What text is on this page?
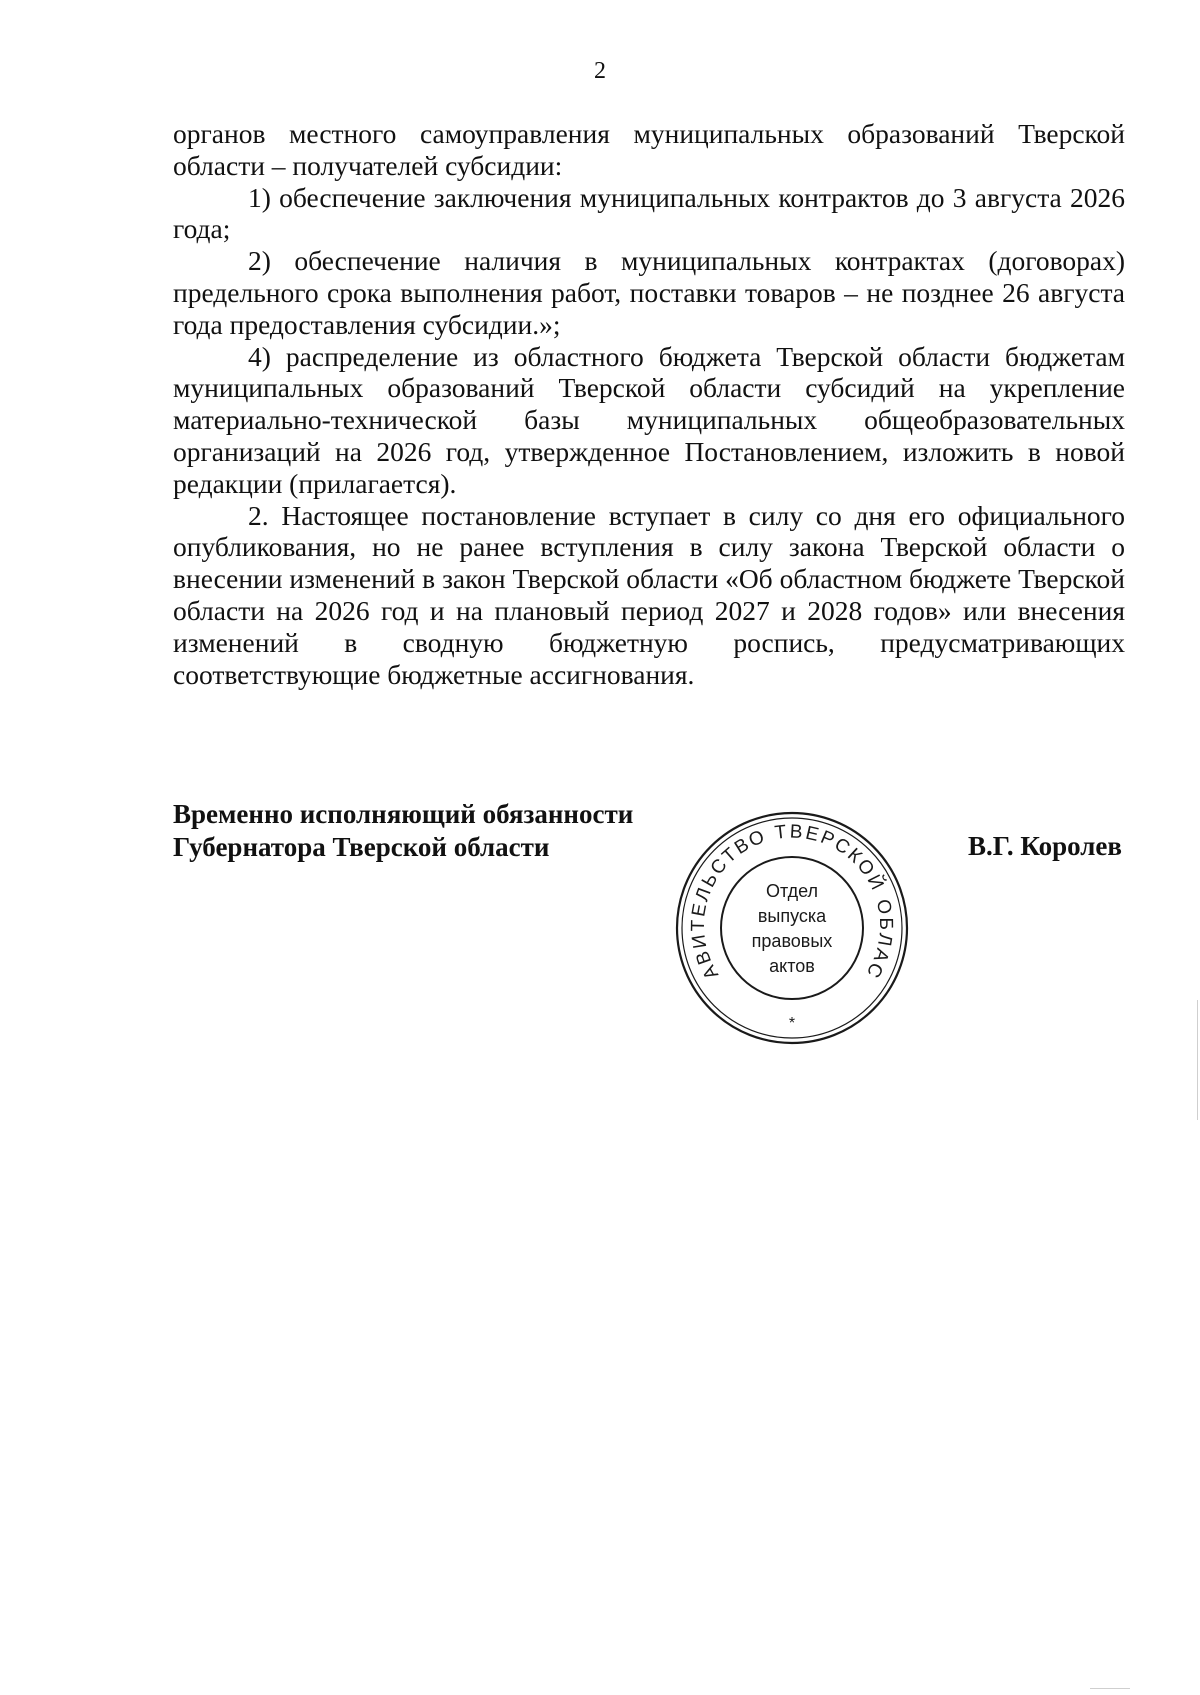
2

органов местного самоуправления муниципальных образований Тверской области – получателей субсидии:

1) обеспечение заключения муниципальных контрактов до 3 августа 2026 года;

2) обеспечение наличия в муниципальных контрактах (договорах) предельного срока выполнения работ, поставки товаров – не позднее 26 августа года предоставления субсидии.»;

4) распределение из областного бюджета Тверской области бюджетам муниципальных образований Тверской области субсидий на укрепление материально-технической базы муниципальных общеобразовательных организаций на 2026 год, утвержденное Постановлением, изложить в новой редакции (прилагается).

2. Настоящее постановление вступает в силу со дня его официального опубликования, но не ранее вступления в силу закона Тверской области о внесении изменений в закон Тверской области «Об областном бюджете Тверской области на 2026 год и на плановый период 2027 и 2028 годов» или внесения изменений в сводную бюджетную роспись, предусматривающих соответствующие бюджетные ассигнования.

Временно исполняющий обязанности
Губернатора Тверской области
АВИТЕЛЬСТВО ТВЕРСКОЙ ОБЛАС
Отдел
выпуска
правовых
актов
*
В.Г. Королев
